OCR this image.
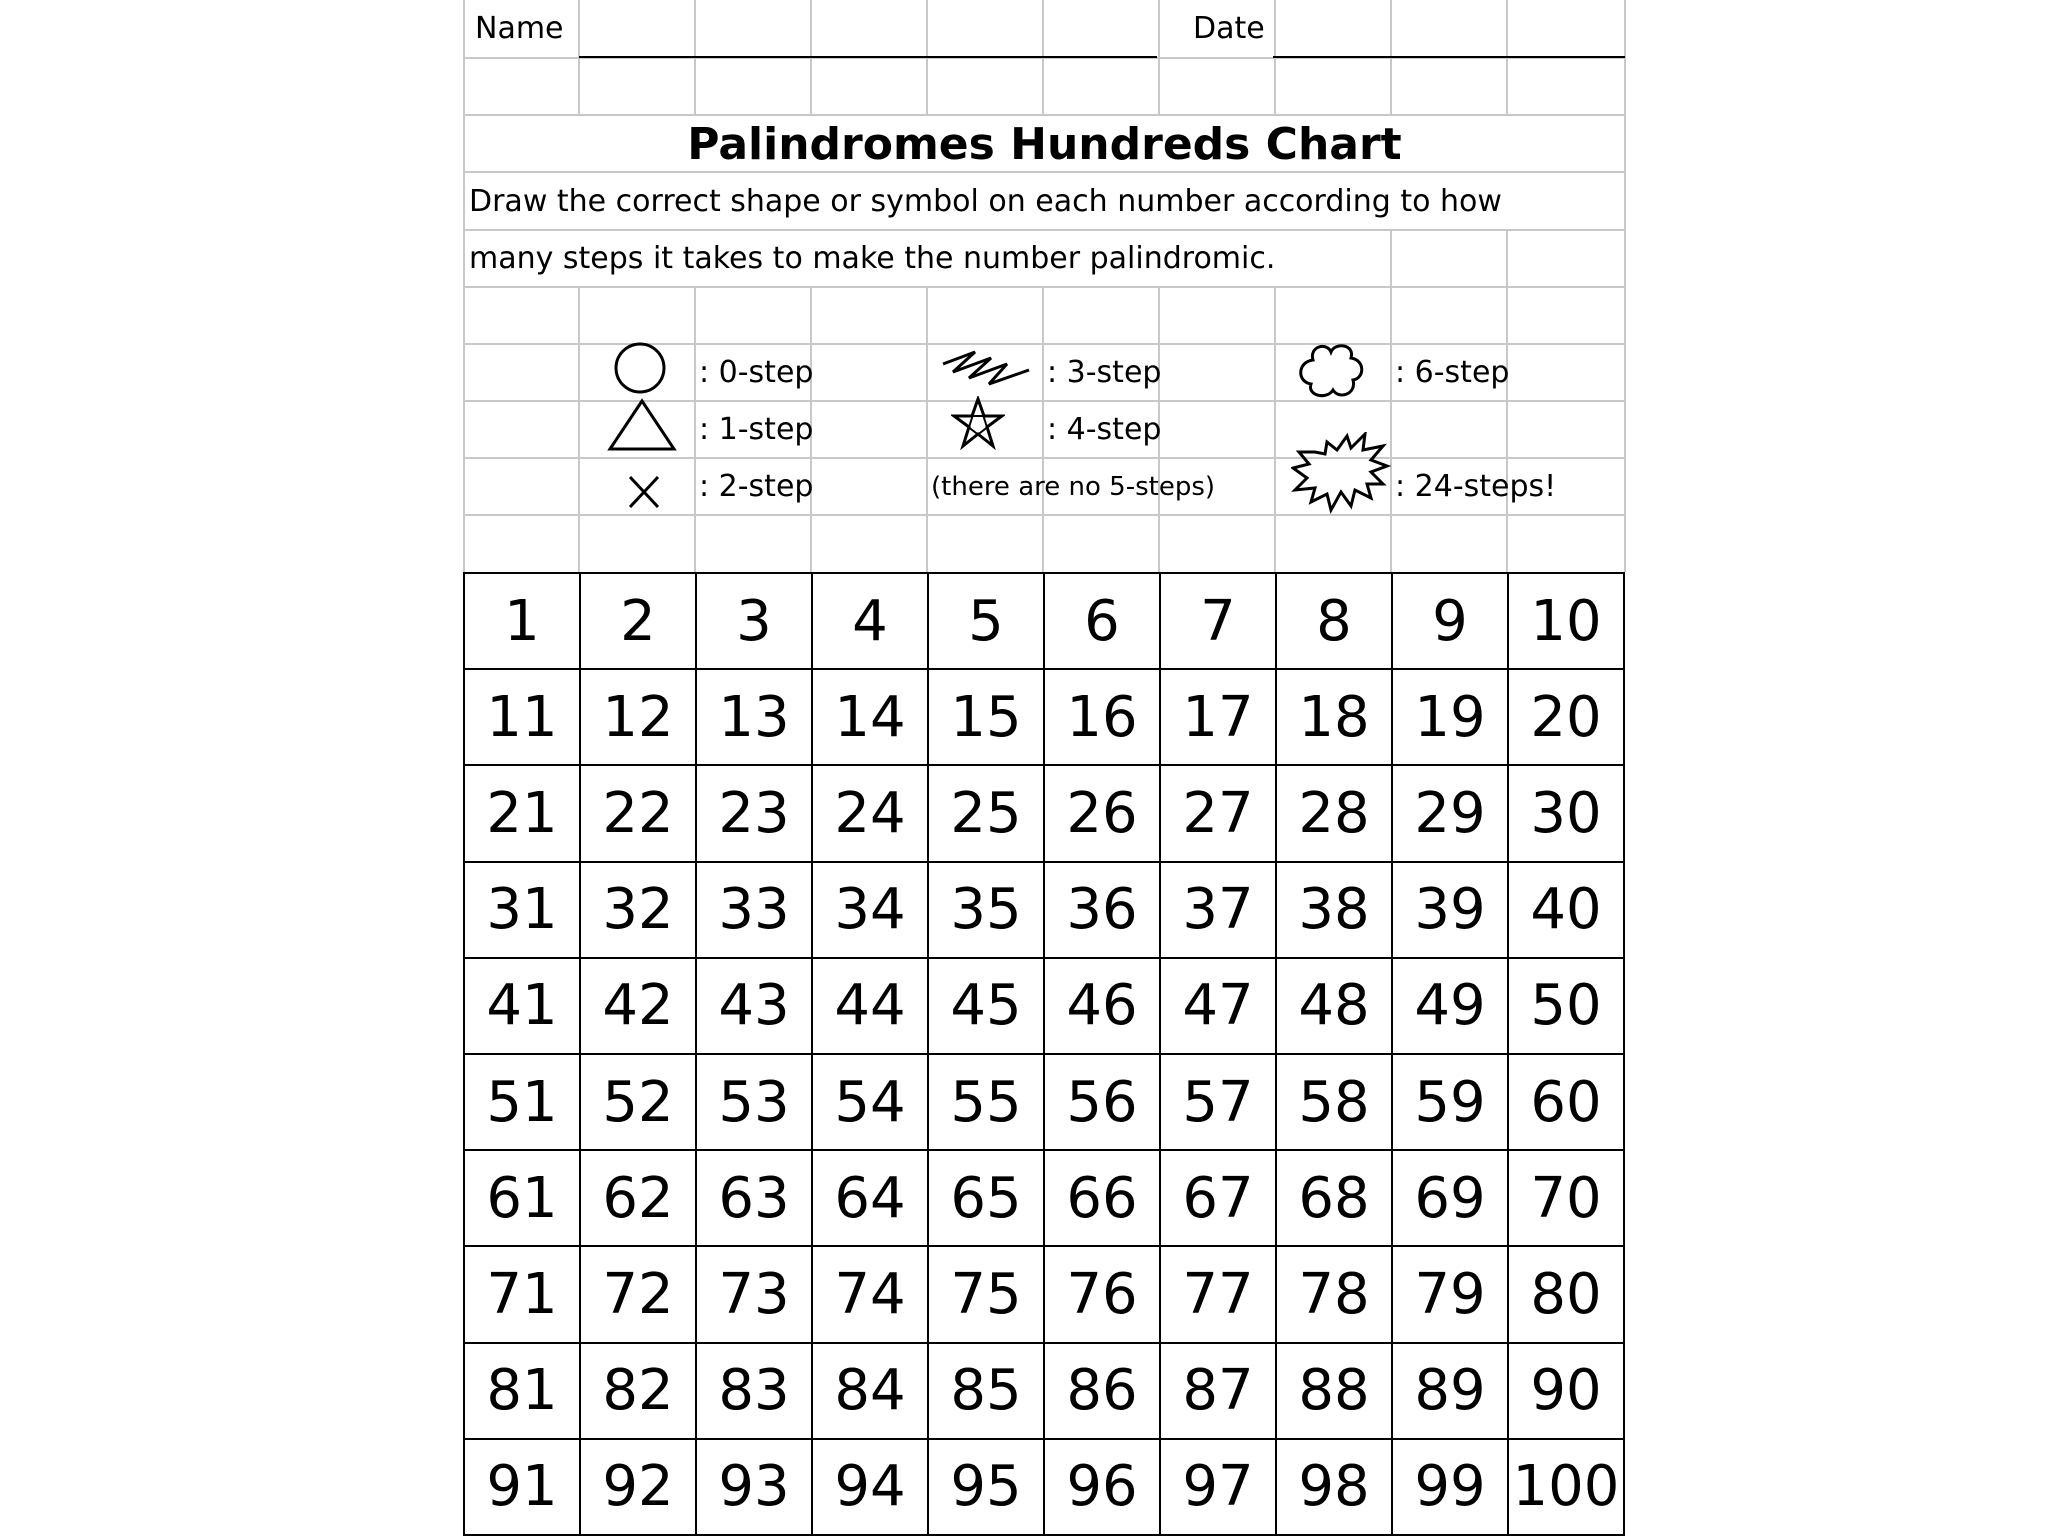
Name	Date
Palindromes Hundreds Chart
Draw the correct shape or symbol on each number according to how
many steps it takes to make the number palindromic.
: 0-step
: 1-step
: 2-step
: 3-step
: 4-step
(there are no 5-steps)
: 6-step
: 24-steps!
1	2	3	4	5	6	7	8	9	10
11 12 13 14 15 16 17 18 19 20
21 22 23 24 25 26 27 28 29 30
31 32 33 34 35 36 37 38 39 40
41 42 43 44 45 46 47 48 49 50
51 52 53 54 55 56 57 58 59 60
61 62 63 64 65 66 67 68 69 70
71 72 73 74 75 76 77 78 79 80
81 82 83 84 85 86 87 88 89 90
91 92 93 94 95 96 97 98 99 100
